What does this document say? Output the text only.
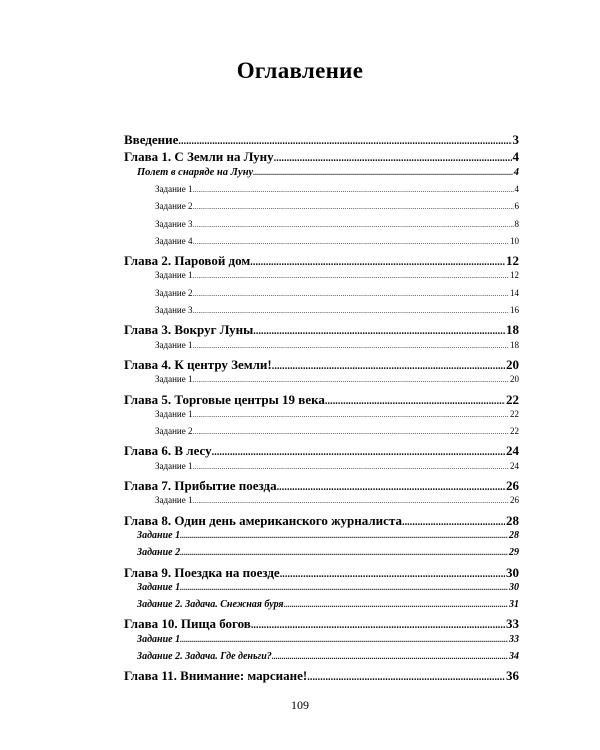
Оглавление
Введение .....	3
Глава 1. С Земли на Луну .....	4
Полет в снаряде на Луну .....	4
Задание 1 .....	4
Задание 2 .....	6
Задание 3 .....	8
Задание 4 .....	10
Глава 2. Паровой дом .....	12
Задание 1 .....	12
Задание 2 .....	14
Задание 3 .....	16
Глава 3. Вокруг Луны .....	18
Задание 1 .....	18
Глава 4. К центру Земли! .....	20
Задание 1 .....	20
Глава 5. Торговые центры 19 века .....	22
Задание 1 .....	22
Задание 2 .....	22
Глава 6. В лесу .....	24
Задание 1 .....	24
Глава 7. Прибытие поезда .....	26
Задание 1 .....	26
Глава 8. Один день американского журналиста .....	28
Задание 1 .....	28
Задание 2 .....	29
Глава 9. Поездка на поезде .....	30
Задание 1 .....	30
Задание 2. Задача. Снежная буря .....	31
Глава 10. Пища богов .....	33
Задание 1 .....	33
Задание 2. Задача. Где деньги? .....	34
Глава 11. Внимание: марсиане! .....	36
109
